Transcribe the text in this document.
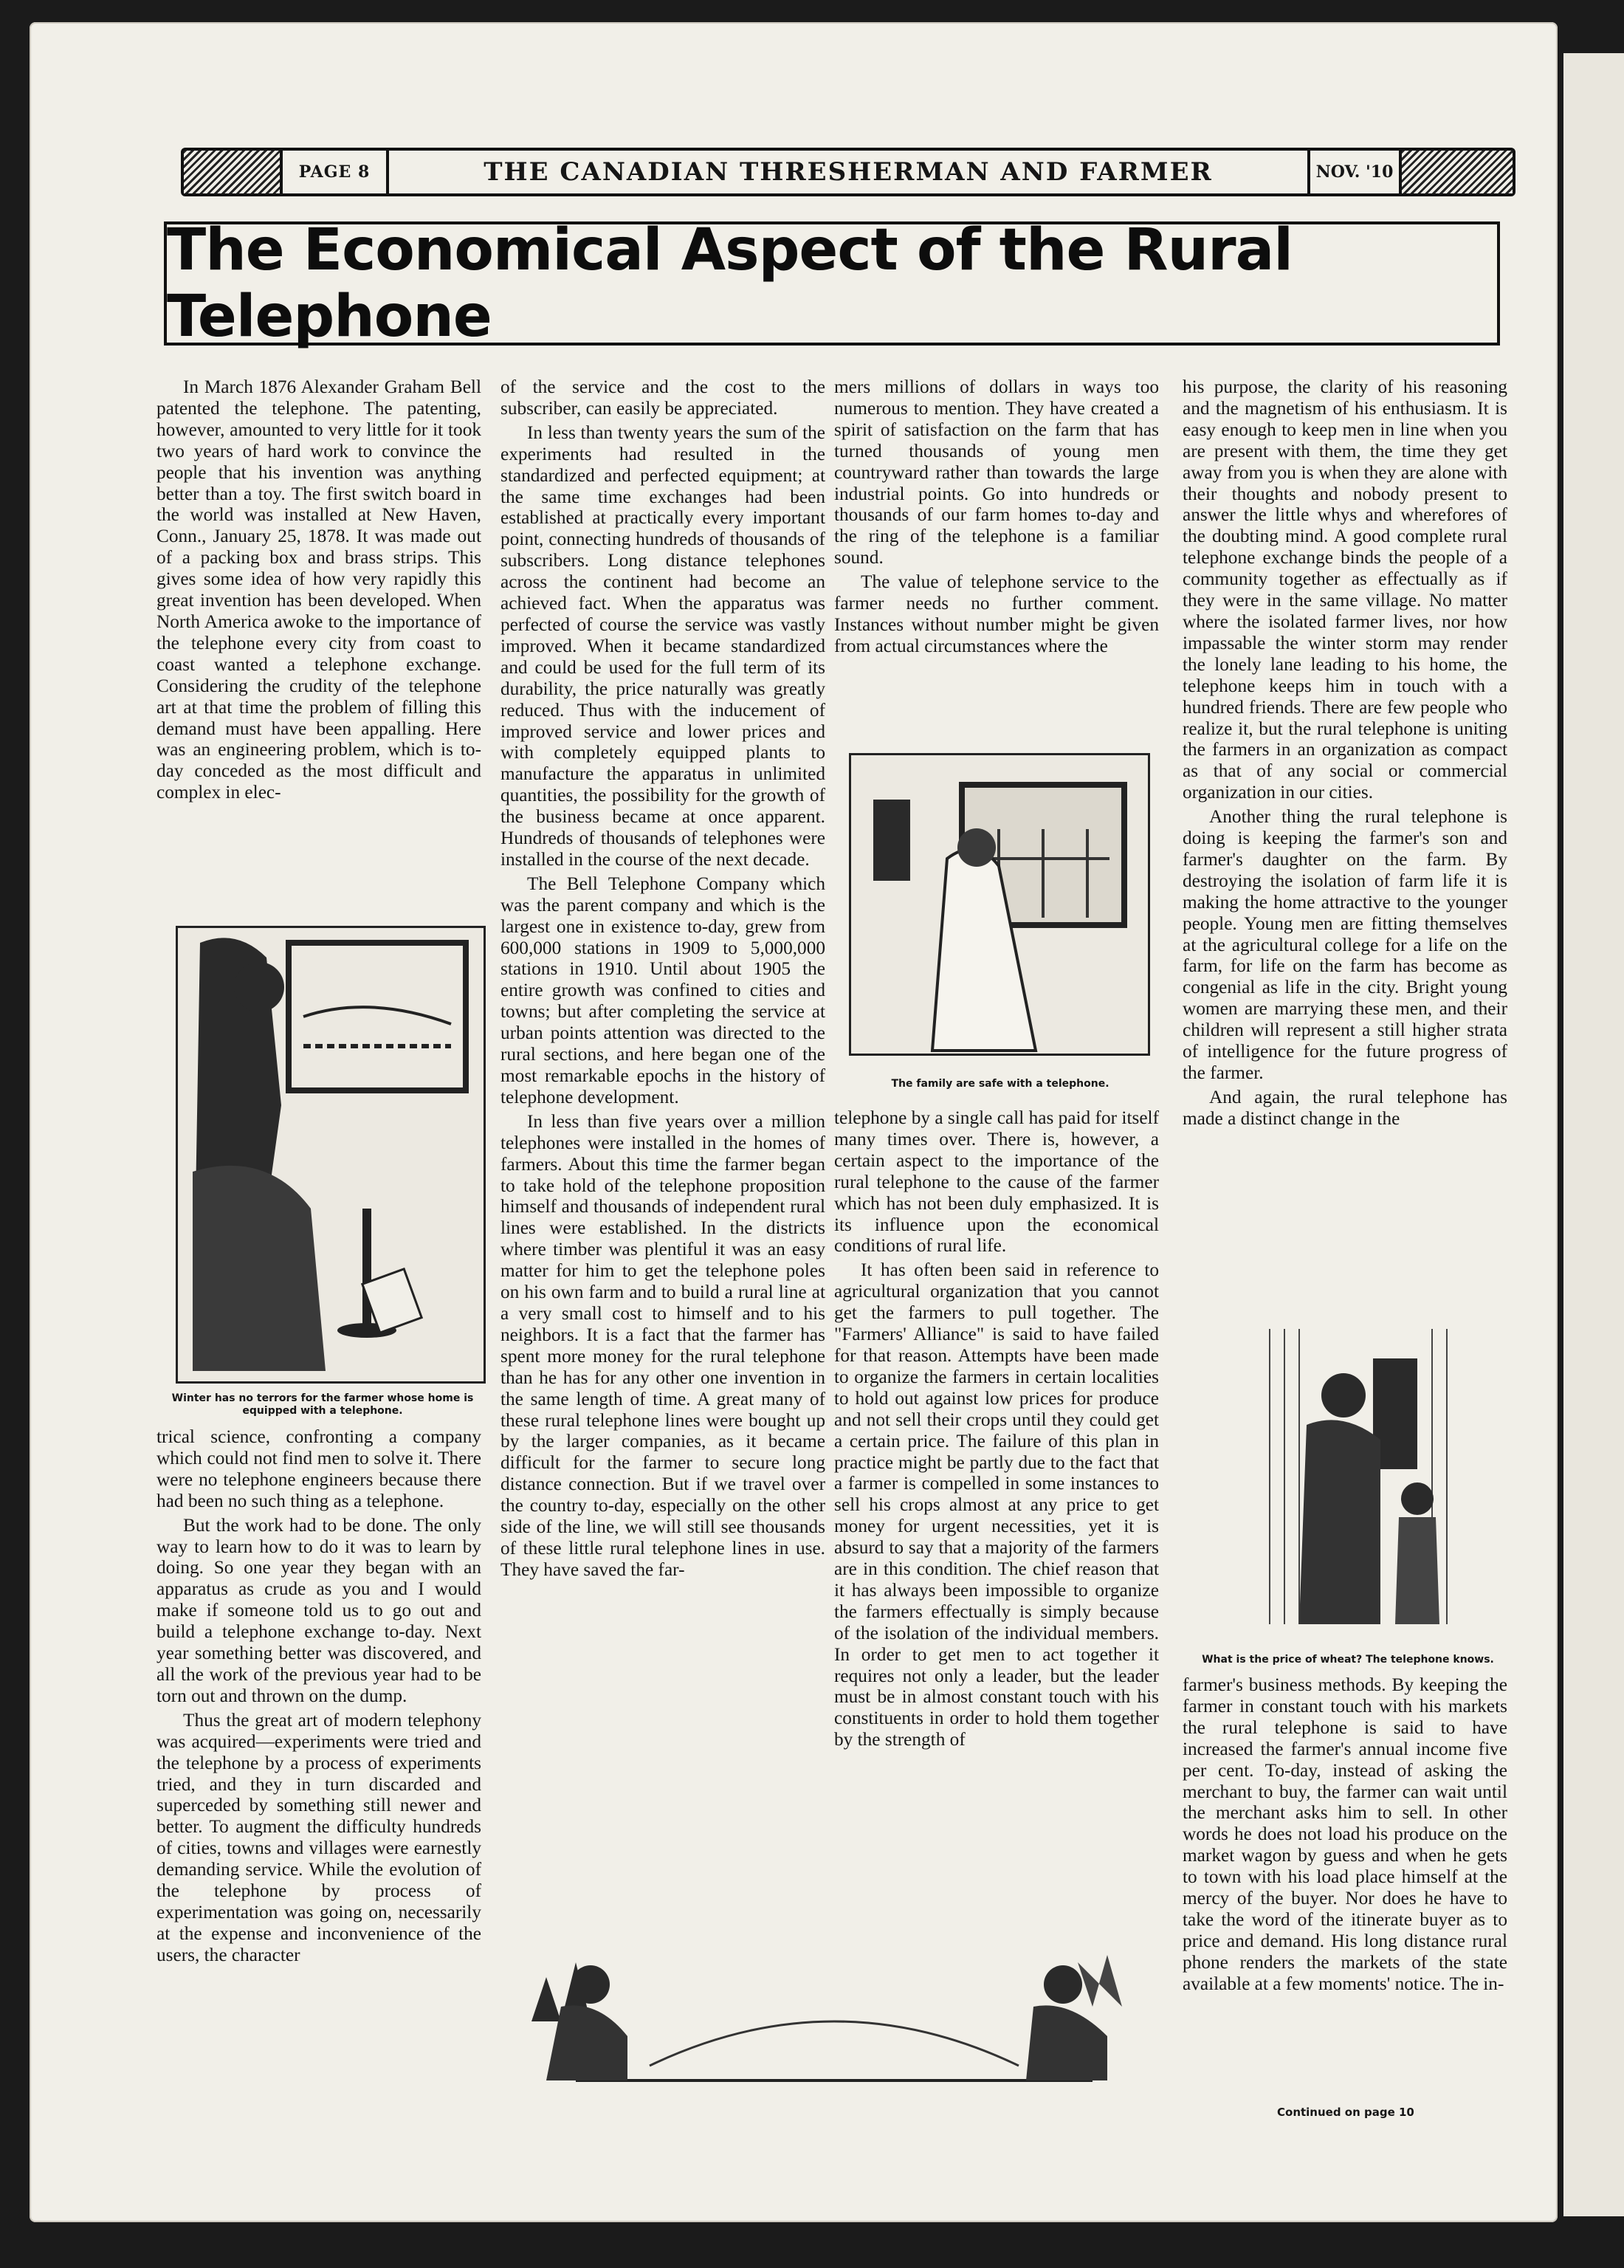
PAGE 8	THE CANADIAN THRESHERMAN AND FARMER	NOV. '10
The Economical Aspect of the Rural Telephone

In March 1876 Alexander Graham Bell patented the telephone. The patenting, however, amounted to very little for it took two years of hard work to convince the people that his invention was anything better than a toy. The first switch board in the world was installed at New Haven, Conn., January 25, 1878. It was made out of a packing box and brass strips. This gives some idea of how very rapidly this great invention has been developed. When North America awoke to the importance of the telephone every city from coast to coast wanted a telephone exchange. Considering the crudity of the telephone art at that time the problem of filling this demand must have been appalling. Here was an engineering problem, which is to-day conceded as the most difficult and complex in elec-

Winter has no terrors for the farmer whose home is equipped with a telephone.

trical science, confronting a company which could not find men to solve it. There were no telephone engineers because there had been no such thing as a telephone.

But the work had to be done. The only way to learn how to do it was to learn by doing. So one year they began with an apparatus as crude as you and I would make if someone told us to go out and build a telephone exchange to-day. Next year something better was discovered, and all the work of the previous year had to be torn out and thrown on the dump.

Thus the great art of modern telephony was acquired—experiments were tried and the telephone by a process of experiments tried, and they in turn discarded and superceded by something still newer and better. To augment the difficulty hundreds of cities, towns and villages were earnestly demanding service. While the evolution of the telephone by process of experimentation was going on, necessarily at the expense and inconvenience of the users, the character

of the service and the cost to the subscriber, can easily be appreciated.

In less than twenty years the sum of the experiments had resulted in the standardized and perfected equipment; at the same time exchanges had been established at practically every important point, connecting hundreds of thousands of subscribers. Long distance telephones across the continent had become an achieved fact. When the apparatus was perfected of course the service was vastly improved. When it became standardized and could be used for the full term of its durability, the price naturally was greatly reduced. Thus with the inducement of improved service and lower prices and with completely equipped plants to manufacture the apparatus in unlimited quantities, the possibility for the growth of the business became at once apparent. Hundreds of thousands of telephones were installed in the course of the next decade.

The Bell Telephone Company which was the parent company and which is the largest one in existence to-day, grew from 600,000 stations in 1909 to 5,000,000 stations in 1910. Until about 1905 the entire growth was confined to cities and towns; but after completing the service at urban points attention was directed to the rural sections, and here began one of the most remarkable epochs in the history of telephone development.

In less than five years over a million telephones were installed in the homes of farmers. About this time the farmer began to take hold of the telephone proposition himself and thousands of independent rural lines were established. In the districts where timber was plentiful it was an easy matter for him to get the telephone poles on his own farm and to build a rural line at a very small cost to himself and to his neighbors. It is a fact that the farmer has spent more money for the rural telephone than he has for any other one invention in the same length of time. A great many of these rural telephone lines were bought up by the larger companies, as it became difficult for the farmer to secure long distance connection. But if we travel over the country to-day, especially on the other side of the line, we will still see thousands of these little rural telephone lines in use. They have saved the far-

mers millions of dollars in ways too numerous to mention. They have created a spirit of satisfaction on the farm that has turned thousands of young men countryward rather than towards the large industrial points. Go into hundreds or thousands of our farm homes to-day and the ring of the telephone is a familiar sound.

The value of telephone service to the farmer needs no further comment. Instances without number might be given from actual circumstances where the

The family are safe with a telephone.

telephone by a single call has paid for itself many times over. There is, however, a certain aspect to the importance of the rural telephone to the cause of the farmer which has not been duly emphasized. It is its influence upon the economical conditions of rural life.

It has often been said in reference to agricultural organization that you cannot get the farmers to pull together. The "Farmers' Alliance" is said to have failed for that reason. Attempts have been made to organize the farmers in certain localities to hold out against low prices for produce and not sell their crops until they could get a certain price. The failure of this plan in practice might be partly due to the fact that a farmer is compelled in some instances to sell his crops almost at any price to get money for urgent necessities, yet it is absurd to say that a majority of the farmers are in this condition. The chief reason that it has always been impossible to organize the farmers effectually is simply because of the isolation of the individual members. In order to get men to act together it requires not only a leader, but the leader must be in almost constant touch with his constituents in order to hold them together by the strength of

his purpose, the clarity of his reasoning and the magnetism of his enthusiasm. It is easy enough to keep men in line when you are present with them, the time they get away from you is when they are alone with their thoughts and nobody present to answer the little whys and wherefores of the doubting mind. A good complete rural telephone exchange binds the people of a community together as effectually as if they were in the same village. No matter where the isolated farmer lives, nor how impassable the winter storm may render the lonely lane leading to his home, the telephone keeps him in touch with a hundred friends. There are few people who realize it, but the rural telephone is uniting the farmers in an organization as compact as that of any social or commercial organization in our cities.

Another thing the rural telephone is doing is keeping the farmer's son and farmer's daughter on the farm. By destroying the isolation of farm life it is making the home attractive to the younger people. Young men are fitting themselves at the agricultural college for a life on the farm, for life on the farm has become as congenial as life in the city. Bright young women are marrying these men, and their children will represent a still higher strata of intelligence for the future progress of the farmer.

And again, the rural telephone has made a distinct change in the

What is the price of wheat? The telephone knows.

farmer's business methods. By keeping the farmer in constant touch with his markets the rural telephone is said to have increased the farmer's annual income five per cent. To-day, instead of asking the merchant to buy, the farmer can wait until the merchant asks him to sell. In other words he does not load his produce on the market wagon by guess and when he gets to town with his load place himself at the mercy of the buyer. Nor does he have to take the word of the itinerate buyer as to price and demand. His long distance rural phone renders the markets of the state available at a few moments' notice. The in-

Continued on page 10
